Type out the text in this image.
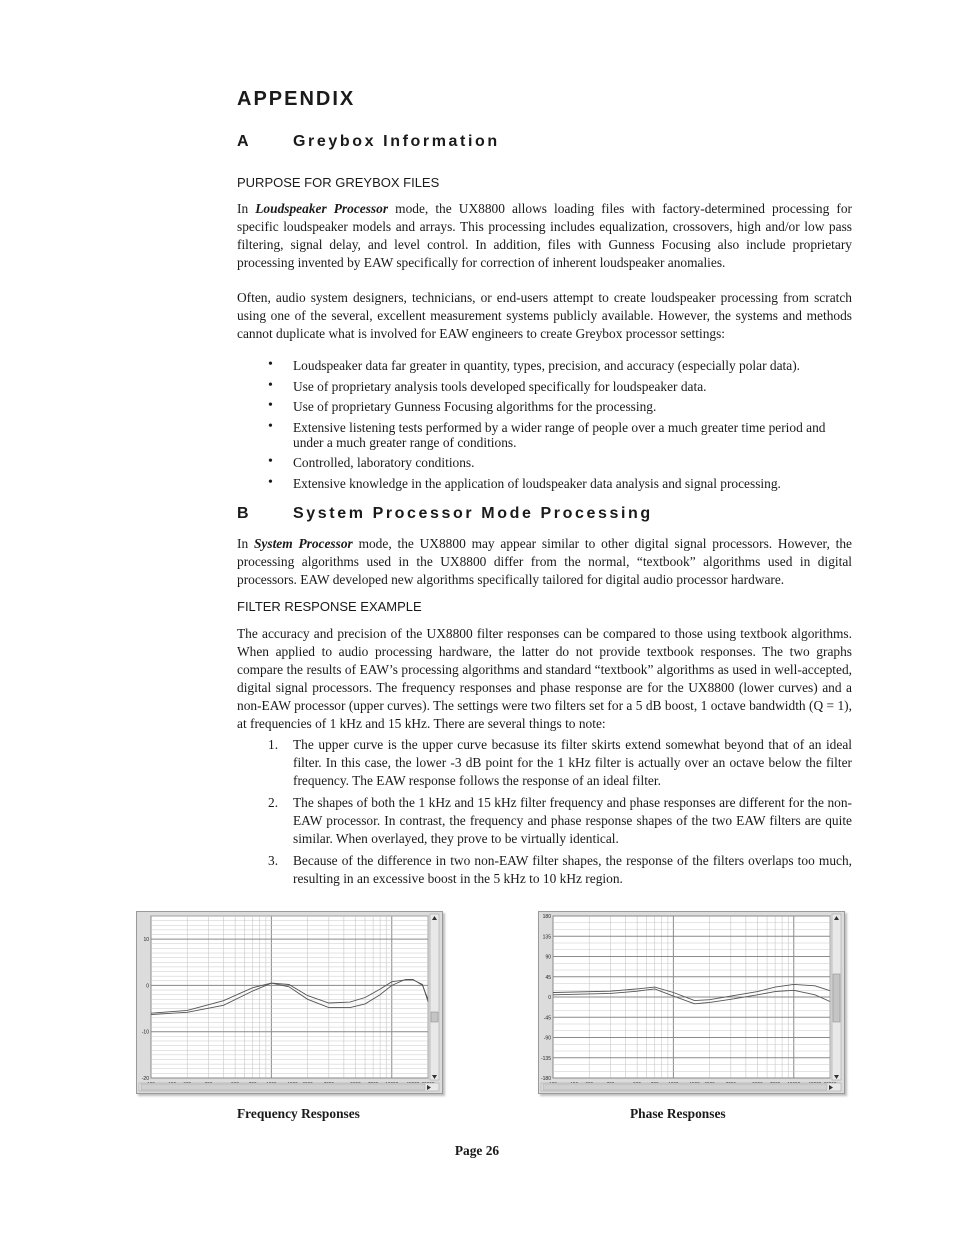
APPENDIX
A	Greybox Information
PURPOSE FOR GREYBOX FILES
In Loudspeaker Processor mode, the UX8800 allows loading files with factory-determined processing for specific loudspeaker models and arrays. This processing includes equalization, crossovers, high and/or low pass filtering, signal delay, and level control. In addition, files with Gunness Focusing also include proprietary processing invented by EAW specifically for correction of inherent loudspeaker anomalies.
Often, audio system designers, technicians, or end-users attempt to create loudspeaker processing from scratch using one of the several, excellent measurement systems publicly available. However, the systems and methods cannot duplicate what is involved for EAW engineers to create Greybox processor settings:
• Loudspeaker data far greater in quantity, types, precision, and accuracy (especially polar data).
• Use of proprietary analysis tools developed specifically for loudspeaker data.
• Use of proprietary Gunness Focusing algorithms for the processing.
• Extensive listening tests performed by a wider range of people over a much greater time period and under a much greater range of conditions.
• Controlled, laboratory conditions.
• Extensive knowledge in the application of loudspeaker data analysis and signal processing.
B	System Processor Mode Processing
In System Processor mode, the UX8800 may appear similar to other digital signal processors. However, the processing algorithms used in the UX8800 differ from the normal, “textbook” algorithms used in digital processors. EAW developed new algorithms specifically tailored for digital audio processor hardware.
FILTER RESPONSE EXAMPLE
The accuracy and precision of the UX8800 filter responses can be compared to those using textbook algorithms. When applied to audio processing hardware, the latter do not provide textbook responses. The two graphs compare the results of EAW’s processing algorithms and standard “textbook” algorithms as used in well-accepted, digital signal processors. The frequency responses and phase response are for the UX8800 (lower curves) and a non-EAW processor (upper curves). The settings were two filters set for a 5 dB boost, 1 octave bandwidth (Q = 1), at frequencies of 1 kHz and 15 kHz. There are several things to note:
1. The upper curve is the upper curve becasuse its filter skirts extend somewhat beyond that of an ideal filter. In this case, the lower -3 dB point for the 1 kHz filter is actually over an octave below the filter frequency. The EAW response follows the response of an ideal filter.
2. The shapes of both the 1 kHz and 15 kHz filter frequency and phase responses are different for the non-EAW processor. In contrast, the frequency and phase response shapes of the two EAW filters are quite similar. When overlayed, they prove to be virtually identical.
3. Because of the difference in two non-EAW filter shapes, the response of the filters overlaps too much, resulting in an excessive boost in the 5 kHz to 10 kHz region.
10
0
-10
-20
Frequency Responses
180
135
90
45
0
-45
-90
-135
-180
Phase Responses
Page 26
